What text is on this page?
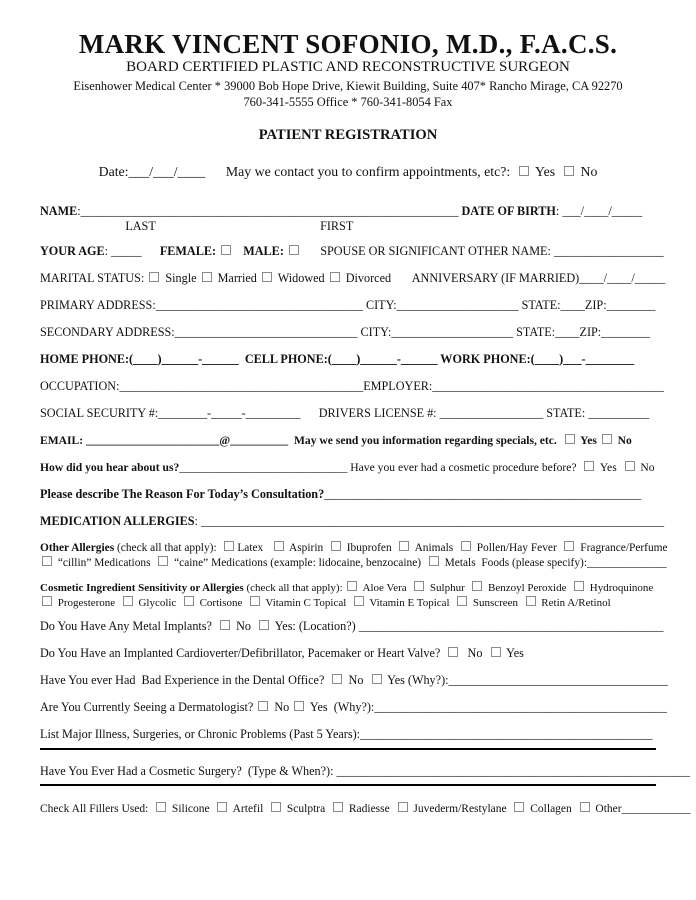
MARK VINCENT SOFONIO, M.D., F.A.C.S.
BOARD CERTIFIED PLASTIC AND RECONSTRUCTIVE SURGEON
Eisenhower Medical Center * 39000 Bob Hope Drive, Kiewit Building, Suite 407* Rancho Mirage, CA 92270
760-341-5555 Office * 760-341-8054 Fax
PATIENT REGISTRATION
Date:___/___/____      May we contact you to confirm appointments, etc?:   Yes   No
NAME:______________________________________________________________ DATE OF BIRTH: ___/____/_____
LAST                                                      FIRST
YOUR AGE: _____ FEMALE:    MALE:       SPOUSE OR SIGNIFICANT OTHER NAME: __________________
MARITAL STATUS:  Single  Married  Widowed  Divorced       ANNIVERSARY (IF MARRIED)____/____/_____
PRIMARY ADDRESS:__________________________________ CITY:____________________ STATE:____ZIP:________
SECONDARY ADDRESS:______________________________ CITY:____________________ STATE:____ZIP:________
HOME PHONE:(____)______-______  CELL PHONE:(____)______-______ WORK PHONE:(____)___-________
OCCUPATION:________________________________________EMPLOYER:______________________________________
SOCIAL SECURITY #:________-_____-_________      DRIVERS LICENSE #: _________________ STATE: __________
EMAIL: _______________________@__________  May we send you information regarding specials, etc.   Yes  No
How did you hear about us?_____________________________ Have you ever had a cosmetic procedure before?   Yes   No
Please describe The Reason For Today’s Consultation?____________________________________________________
MEDICATION ALLERGIES: ____________________________________________________________________________
Other Allergies (check all that apply):  Latex    Aspirin   Ibuprofen   Animals   Pollen/Hay Fever   Fragrance/Perfume
“cillin” Medications   “caine” Medications (example: lidocaine, benzocaine)   Metals  Foods (please specify):______________
Cosmetic Ingredient Sensitivity or Allergies (check all that apply):  Aloe Vera   Sulphur   Benzoyl Peroxide   Hydroquinone
Progesterone   Glycolic   Cortisone   Vitamin C Topical   Vitamin E Topical   Sunscreen   Retin A/Retinol
Do You Have Any Metal Implants?   No   Yes: (Location?) __________________________________________________
Do You Have an Implanted Cardioverter/Defibrillator, Pacemaker or Heart Valve?    No   Yes
Have You ever Had  Bad Experience in the Dental Office?   No   Yes (Why?):____________________________________
Are You Currently Seeing a Dermatologist?  No  Yes  (Why?):________________________________________________
List Major Illness, Surgeries, or Chronic Problems (Past 5 Years):________________________________________________
Have You Ever Had a Cosmetic Surgery?  (Type & When?): __________________________________________________________
Check All Fillers Used:   Silicone   Artefil   Sculptra   Radiesse   Juvederm/Restylane   Collagen   Other____________
